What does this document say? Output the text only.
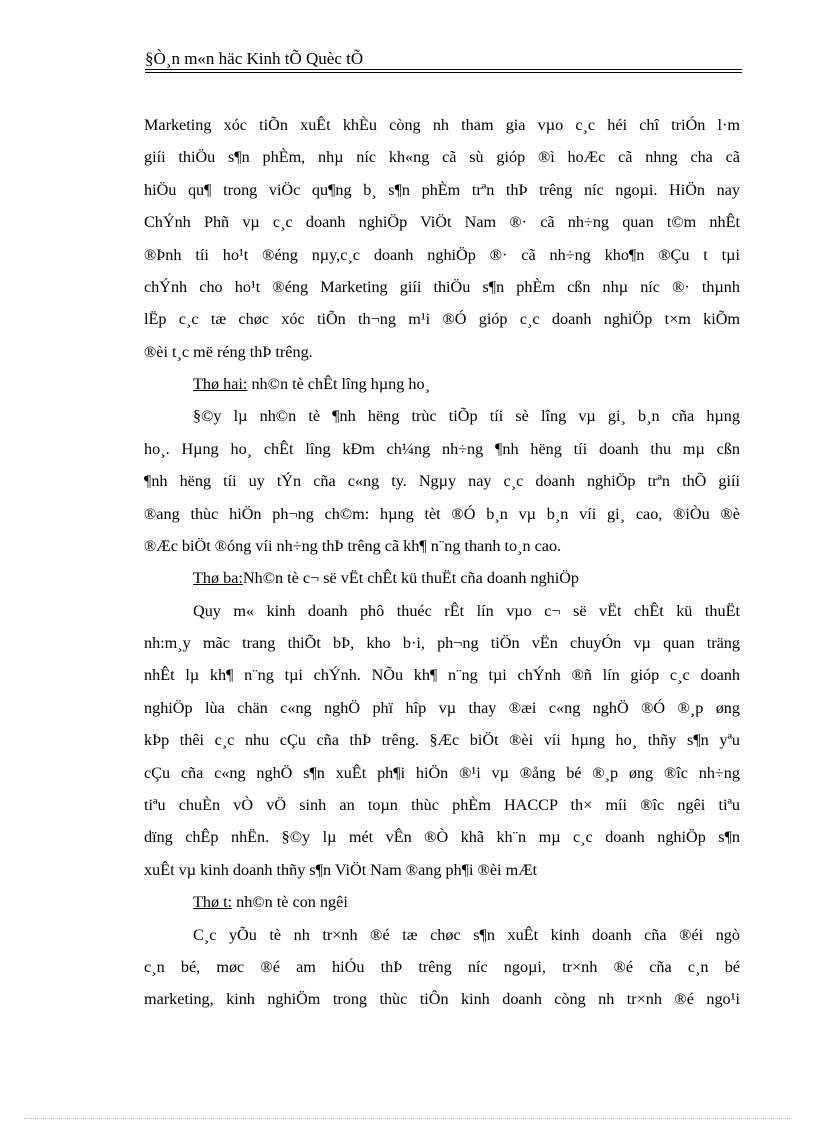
§Ò¸n m«n häc Kinh tÕ Quèc tÕ
Marketing xóc tiÕn xuÊt khÈu còng nh tham gia vµo c¸c héi chî triÓn l·m
giíi thiÖu s¶n phÈm, nhµ níc kh«ng cã sù gióp ®ì hoÆc cã nhng cha cã
hiÖu qu¶ trong viÖc qu¶ng b¸ s¶n phÈm trªn thÞ trêng níc ngoµi. HiÖn nay
ChÝnh Phñ vµ c¸c doanh nghiÖp ViÖt Nam ®· cã nh÷ng quan t©m nhÊt
®Þnh tíi ho¹t ®éng nµy,c¸c doanh nghiÖp ®· cã nh÷ng kho¶n ®Çu t tµi
chÝnh cho ho¹t ®éng Marketing giíi thiÖu s¶n phÈm cßn nhµ níc ®· thµnh
lËp c¸c tæ chøc xóc tiÕn th¬ng m¹i ®Ó gióp c¸c doanh nghiÖp t×m kiÕm
®èi t¸c më réng thÞ trêng.
Thø hai: nh©n tè chÊt lîng hµng ho¸
§©y lµ nh©n tè ¶nh hëng trùc tiÕp tíi sè lîng vµ gi¸ b¸n cña hµng
ho¸. Hµng ho¸ chÊt lîng kÐm ch¼ng nh÷ng ¶nh hëng tíi doanh thu mµ cßn
¶nh hëng tíi uy tÝn cña c«ng ty. Ngµy nay c¸c doanh nghiÖp trªn thÕ giíi
®ang thùc hiÖn ph¬ng ch©m: hµng tèt ®Ó b¸n vµ b¸n víi gi¸ cao, ®iÒu ®è
®Æc biÖt ®óng víi nh÷ng thÞ trêng cã kh¶ n¨ng thanh to¸n cao.
Thø ba:Nh©n tè c¬ së vËt chÊt kü thuËt cña doanh nghiÖp
Quy m« kinh doanh phô thuéc rÊt lín vµo c¬ së vËt chÊt kü thuËt
nh:m¸y mãc trang thiÕt bÞ, kho b·i, ph¬ng tiÖn vËn chuyÓn vµ quan träng
nhÊt lµ kh¶ n¨ng tµi chÝnh. NÕu kh¶ n¨ng tµi chÝnh ®ñ lín gióp c¸c doanh
nghiÖp lùa chän c«ng nghÖ phï hîp vµ thay ®æi c«ng nghÖ ®Ó ®¸p øng
kÞp thêi c¸c nhu cÇu cña thÞ trêng. §Æc biÖt ®èi víi hµng ho¸ thñy s¶n yªu
cÇu cña c«ng nghÖ s¶n xuÊt ph¶i hiÖn ®¹i vµ ®ång bé ®¸p øng ®îc nh÷ng
tiªu chuÈn vÒ vÖ sinh an toµn thùc phÈm HACCP th× míi ®îc ngêi tiªu
dïng chÊp nhËn. §©y lµ mét vÊn ®Ò khã kh¨n mµ c¸c doanh nghiÖp s¶n
xuÊt vµ kinh doanh thñy s¶n ViÖt Nam ®ang ph¶i ®èi mÆt
Thø t: nh©n tè con ngêi
C¸c yÕu tè nh tr×nh ®é tæ chøc s¶n xuÊt kinh doanh cña ®éi ngò
c¸n bé, møc ®é am hiÓu thÞ trêng níc ngoµi, tr×nh ®é cña c¸n bé
marketing, kinh nghiÖm trong thùc tiÔn kinh doanh còng nh tr×nh ®é ngo¹i
